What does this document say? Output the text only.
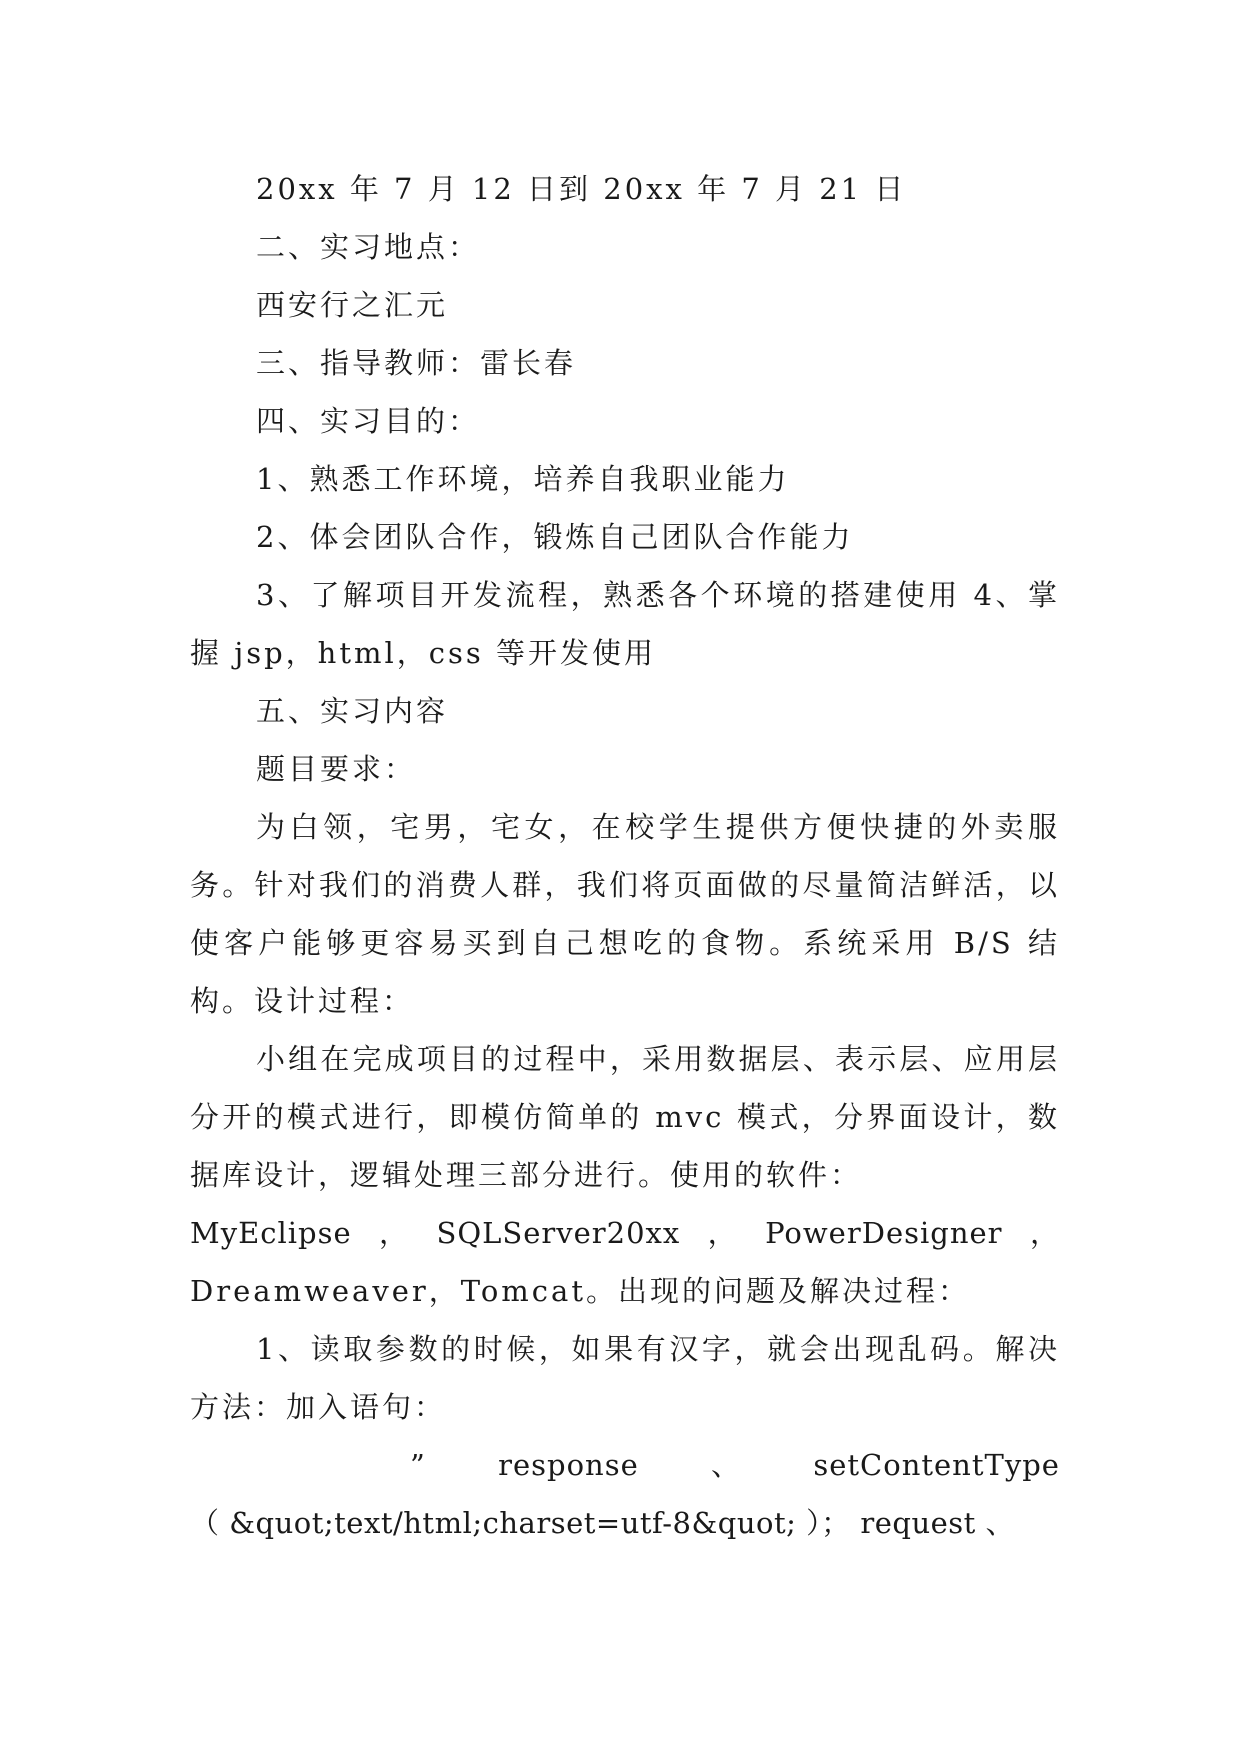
20xx 年 7 月 12 日到 20xx 年 7 月 21 日

二、实习地点：

西安行之汇元

三、指导教师：雷长春

四、实习目的：

1、熟悉工作环境，培养自我职业能力

2、体会团队合作，锻炼自己团队合作能力

3、了解项目开发流程，熟悉各个环境的搭建使用 4、掌握 jsp，html，css 等开发使用

五、实习内容

题目要求：

为白领，宅男，宅女，在校学生提供方便快捷的外卖服务。针对我们的消费人群，我们将页面做的尽量简洁鲜活，以使客户能够更容易买到自己想吃的食物。系统采用 B/S 结构。设计过程：

小组在完成项目的过程中，采用数据层、表示层、应用层分开的模式进行，即模仿简单的 mvc 模式，分界面设计，数据库设计，逻辑处理三部分进行。使用的软件：

MyEclipse ， SQLServer20xx ， PowerDesigner ，

Dreamweaver，Tomcat。出现的问题及解决过程：

1、读取参数的时候，如果有汉字，就会出现乱码。解决方法：加入语句：

” response 、 setContentType

（ &quot;text/html;charset=utf-8&quot; ）； request 、
